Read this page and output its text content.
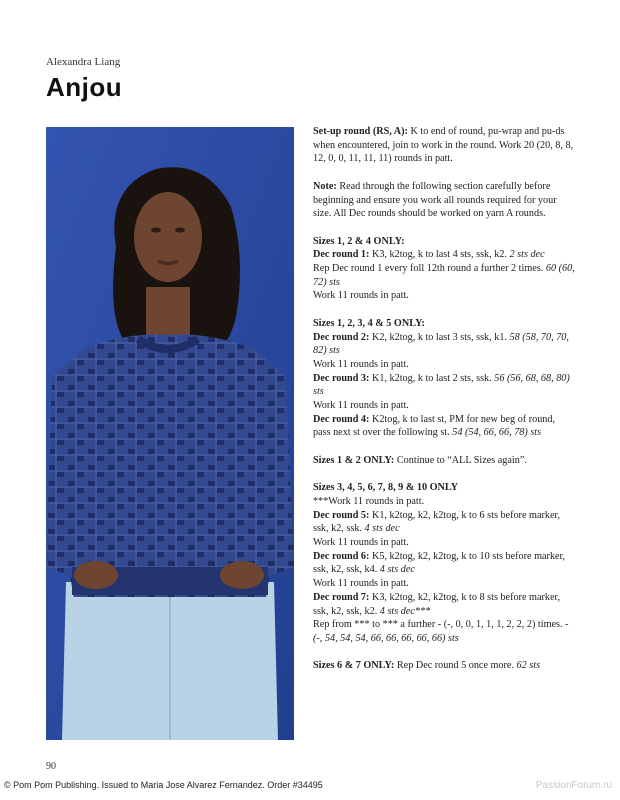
Alexandra Liang
Anjou

Set-up round (RS, A): K to end of round, pu-wrap and pu-ds when encountered, join to work in the round. Work 20 (20, 8, 8, 12, 0, 0, 11, 11, 11) rounds in patt.

Note: Read through the following section carefully before beginning and ensure you work all rounds required for your size. All Dec rounds should be worked on yarn A rounds.

Sizes 1, 2 & 4 ONLY:
Dec round 1: K3, k2tog, k to last 4 sts, ssk, k2. 2 sts dec
Rep Dec round 1 every foll 12th round a further 2 times. 60 (60, 72) sts
Work 11 rounds in patt.

Sizes 1, 2, 3, 4 & 5 ONLY:
Dec round 2: K2, k2tog, k to last 3 sts, ssk, k1. 58 (58, 70, 70, 82) sts
Work 11 rounds in patt.
Dec round 3: K1, k2tog, k to last 2 sts, ssk. 56 (56, 68, 68, 80) sts
Work 11 rounds in patt.
Dec round 4: K2tog, k to last st, PM for new beg of round, pass next st over the following st. 54 (54, 66, 66, 78) sts

Sizes 1 & 2 ONLY: Continue to “ALL Sizes again”.

Sizes 3, 4, 5, 6, 7, 8, 9 & 10 ONLY
***Work 11 rounds in patt.
Dec round 5: K1, k2tog, k2, k2tog, k to 6 sts before marker, ssk, k2, ssk. 4 sts dec
Work 11 rounds in patt.
Dec round 6: K5, k2tog, k2, k2tog, k to 10 sts before marker, ssk, k2, ssk, k4. 4 sts dec
Work 11 rounds in patt.
Dec round 7: K3, k2tog, k2, k2tog, k to 8 sts before marker, ssk, k2, ssk, k2. 4 sts dec***
Rep from *** to *** a further - (-, 0, 0, 1, 1, 1, 2, 2, 2) times. - (-, 54, 54, 54, 66, 66, 66, 66, 66) sts

Sizes 6 & 7 ONLY: Rep Dec round 5 once more. 62 sts

90
© Pom Pom Publishing. Issued to Maria Jose Alvarez Fernandez. Order #34495	PassionForum.ru
